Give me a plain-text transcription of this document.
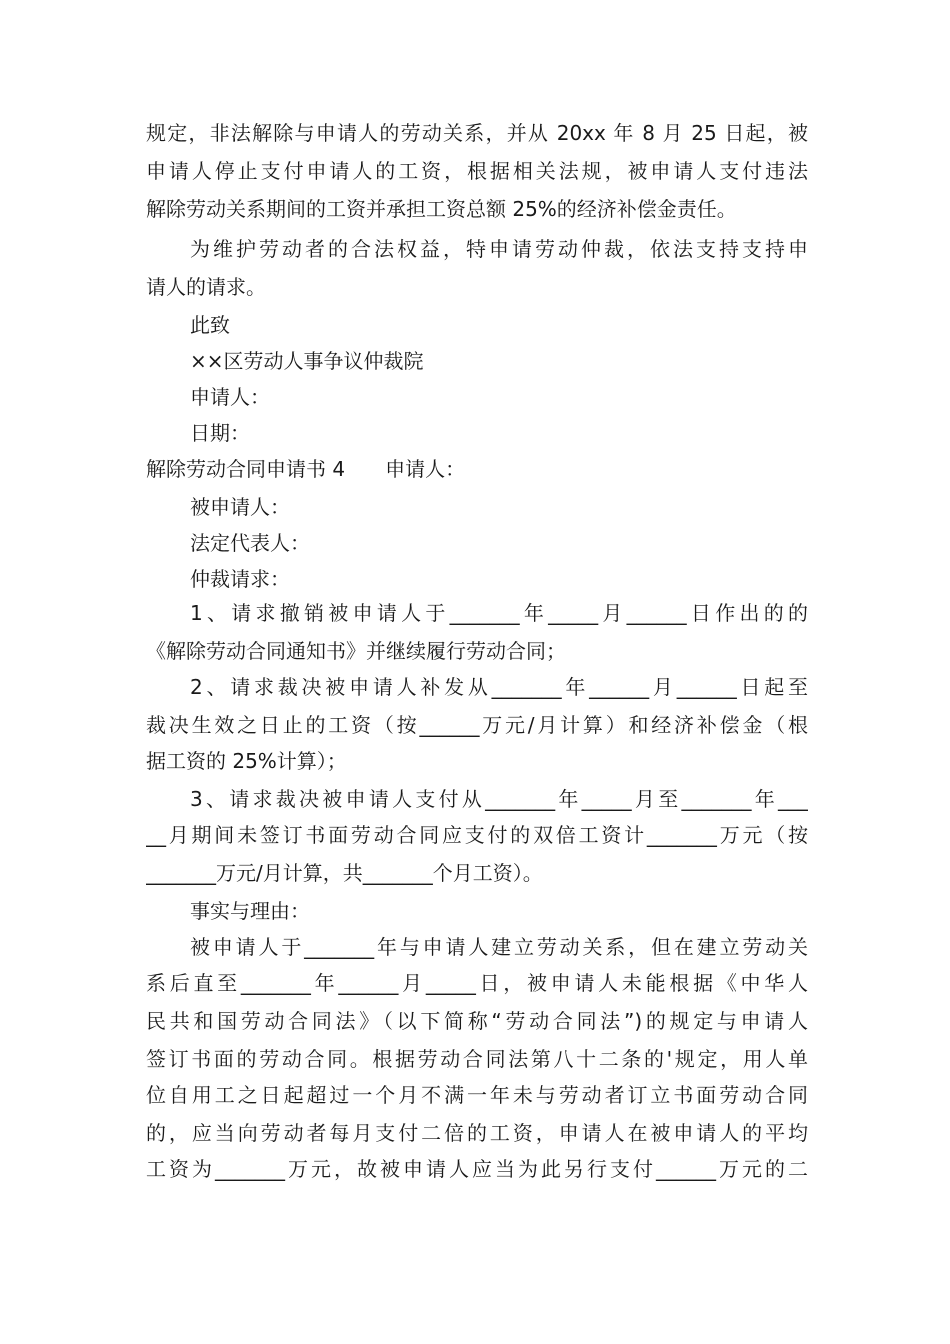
规定，非法解除与申请人的劳动关系，并从 20xx 年 8 月 25 日起，被
申请人停止支付申请人的工资，根据相关法规，被申请人支付违法
解除劳动关系期间的工资并承担工资总额 25%的经济补偿金责任。
为维护劳动者的合法权益，特申请劳动仲裁，依法支持支持申
请人的请求。
此致
××区劳动人事争议仲裁院
申请人：
日期：
解除劳动合同申请书 4　　申请人：
被申请人：
法定代表人：
仲裁请求：
1、请求撤销被申请人于_______年_____月______日作出的的
《解除劳动合同通知书》并继续履行劳动合同；
2、请求裁决被申请人补发从_______年______月______日起至
裁决生效之日止的工资（按______万元/月计算）和经济补偿金（根
据工资的 25%计算）；
3、请求裁决被申请人支付从_______年_____月至_______年___
__月期间未签订书面劳动合同应支付的双倍工资计_______万元（按
_______万元/月计算，共_______个月工资）。
事实与理由：
被申请人于_______年与申请人建立劳动关系，但在建立劳动关
系后直至_______年______月_____日，被申请人未能根据《中华人
民共和国劳动合同法》（以下简称“劳动合同法”)的规定与申请人
签订书面的劳动合同。根据劳动合同法第八十二条的'规定，用人单
位自用工之日起超过一个月不满一年未与劳动者订立书面劳动合同
的，应当向劳动者每月支付二倍的工资，申请人在被申请人的平均
工资为_______万元，故被申请人应当为此另行支付______万元的二
